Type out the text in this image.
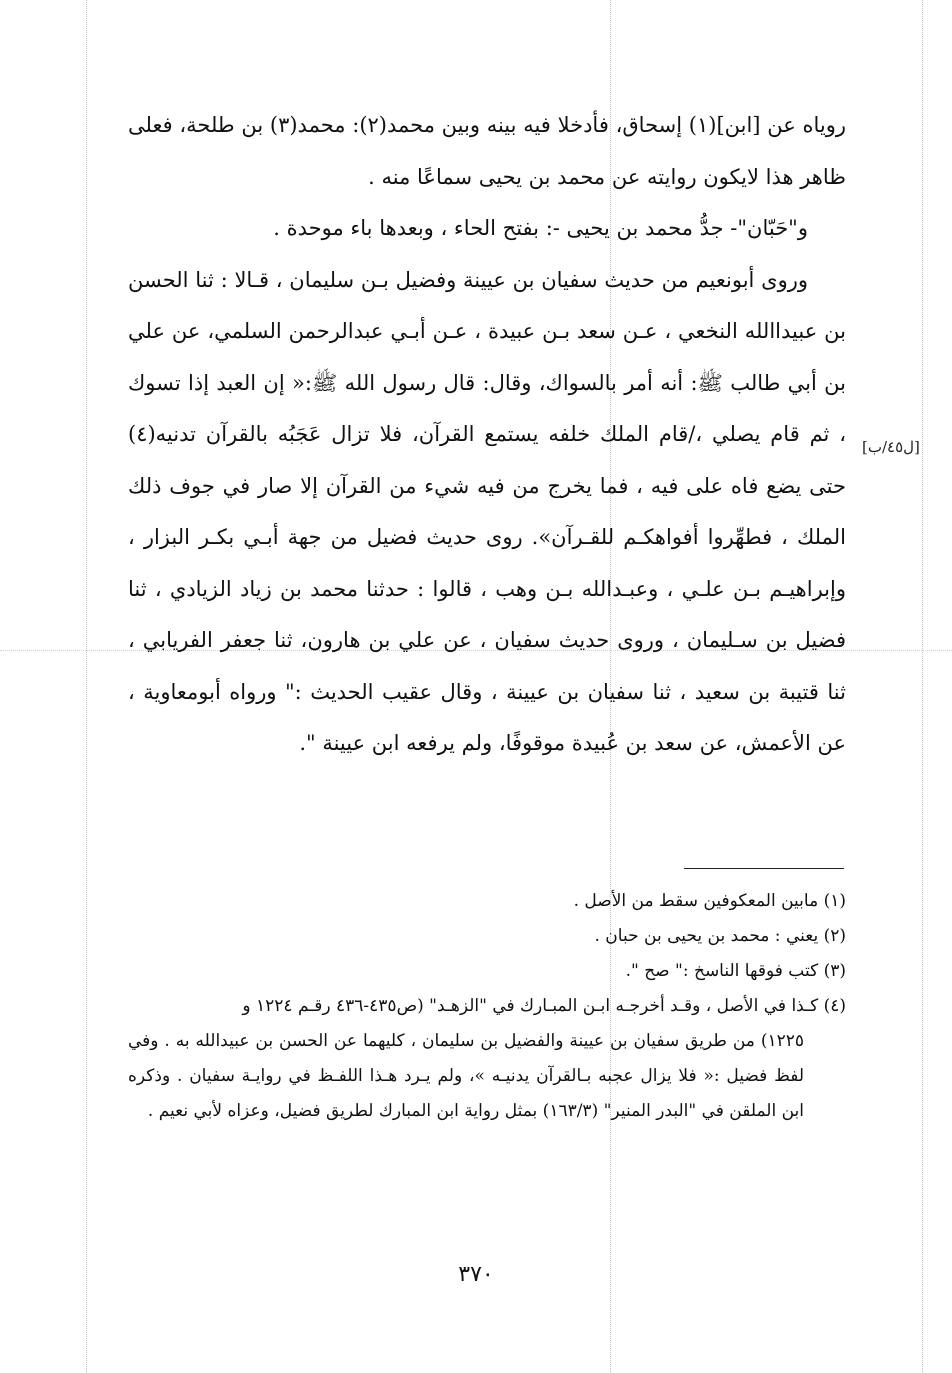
روياه عن [ابن](١) إسحاق، فأدخلا فيه بينه وبين محمد(٢): محمد(٣) بن طلحة، فعلى ظاهر هذا لايكون روايته عن محمد بن يحيى سماعًا منه .

و"حَبّان"- جدُّ محمد بن يحيى -: بفتح الحاء ، وبعدها باء موحدة .

وروى أبونعيم من حديث سفيان بن عيينة وفضيل بـن سليمان ، قـالا : ثنا الحسن بن عبيداالله النخعي ، عـن سعد بـن عبيدة ، عـن أبـي عبدالرحمن السلمي، عن علي بن أبي طالب ﷺ: أنه أمر بالسواك، وقال: قال رسول الله ﷺ:« إن العبد إذا تسوك ، ثم قام يصلي ،/قام الملك خلفه يستمع القرآن، فلا تزال عَجَبُه بالقرآن تدنيه(٤) حتى يضع فاه على فيه ، فما يخرج من فيه شيء من القرآن إلا صار في جوف ذلك الملك ، فطهِّروا أفواهكـم للقـرآن». روى حديث فضيل من جهة أبـي بكـر البزار ، وإبراهيـم بـن علـي ، وعبـدالله بـن وهب ، قالوا : حدثنا محمد بن زياد الزيادي ، ثنا فضيل بن سـليمان ، وروى حديث سفيان ، عن علي بن هارون، ثنا جعفر الفريابي ، ثنا قتيبة بن سعيد ، ثنا سفيان بن عيينة ، وقال عقيب الحديث :" ورواه أبومعاوية ، عن الأعمش، عن سعد بن عُبيدة موقوفًا، ولم يرفعه ابن عيينة ".

[ل٤٥/ب]

(١) مابين المعكوفين سقط من الأصل .

(٢) يعني : محمد بن يحيى بن حبان .

(٣) كتب فوقها الناسخ :" صح ".

(٤) كـذا في الأصل ، وقـد أخرجـه ابـن المبـارك في "الزهـد" (ص٤٣٥-٤٣٦ رقـم ١٢٢٤ و

١٢٢٥) من طريق سفيان بن عيينة والفضيل بن سليمان ، كليهما عن الحسن بن عبيدالله به . وفي لفظ فضيل :« فلا يزال عجبه بـالقرآن يدنيـه »، ولم يـرد هـذا اللفـظ في روايـة سفيان . وذكره ابن الملقن في "البدر المنير" (١٦٣/٣) بمثل رواية ابن المبارك لطريق فضيل، وعزاه لأبي نعيم .

٣٧٠
